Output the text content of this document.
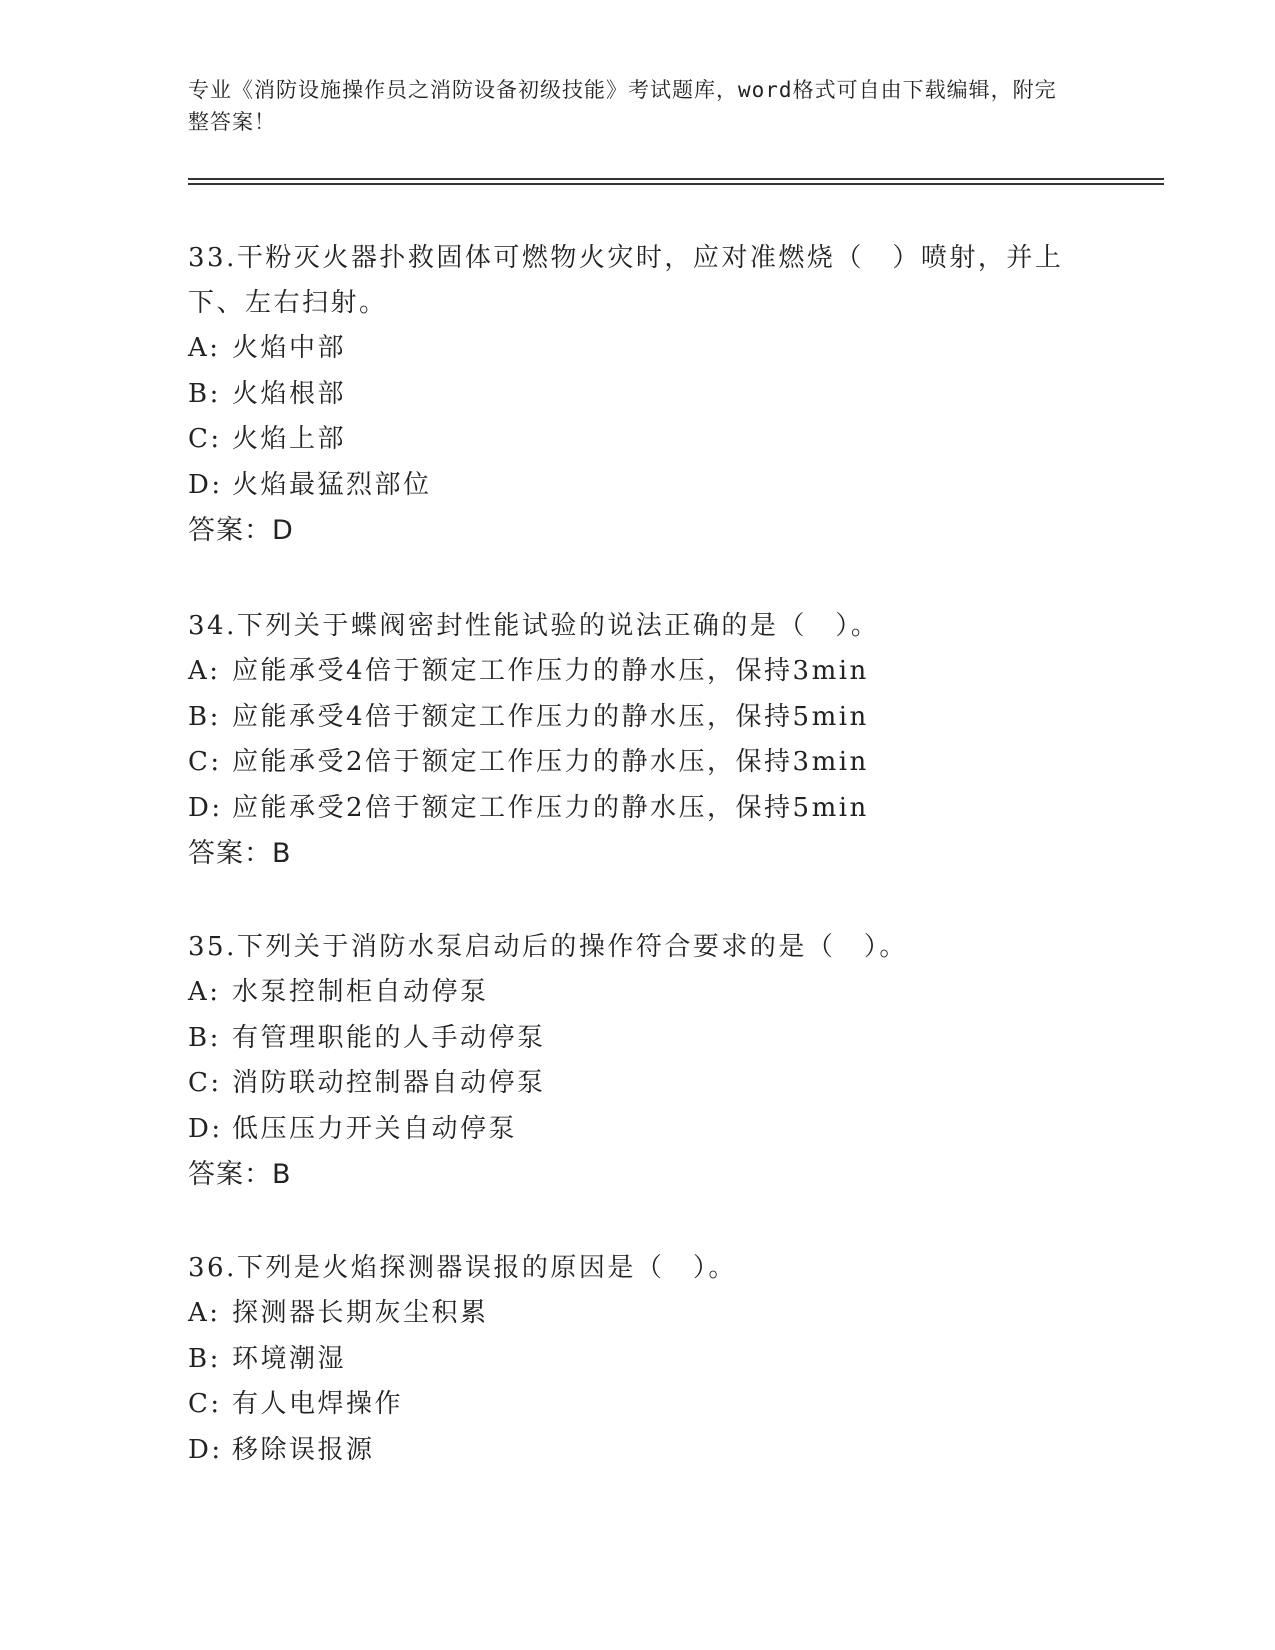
专业《消防设施操作员之消防设备初级技能》考试题库，word格式可自由下载编辑，附完整答案！

33.干粉灭火器扑救固体可燃物火灾时，应对准燃烧（　）喷射，并上下、左右扫射。

A: 火焰中部
B: 火焰根部
C: 火焰上部
D: 火焰最猛烈部位
答案：D

34.下列关于蝶阀密封性能试验的说法正确的是（　）。

A: 应能承受4倍于额定工作压力的静水压，保持3min
B: 应能承受4倍于额定工作压力的静水压，保持5min
C: 应能承受2倍于额定工作压力的静水压，保持3min
D: 应能承受2倍于额定工作压力的静水压，保持5min
答案：B

35.下列关于消防水泵启动后的操作符合要求的是（　）。

A: 水泵控制柜自动停泵
B: 有管理职能的人手动停泵
C: 消防联动控制器自动停泵
D: 低压压力开关自动停泵
答案：B

36.下列是火焰探测器误报的原因是（　）。

A: 探测器长期灰尘积累
B: 环境潮湿
C: 有人电焊操作
D: 移除误报源
